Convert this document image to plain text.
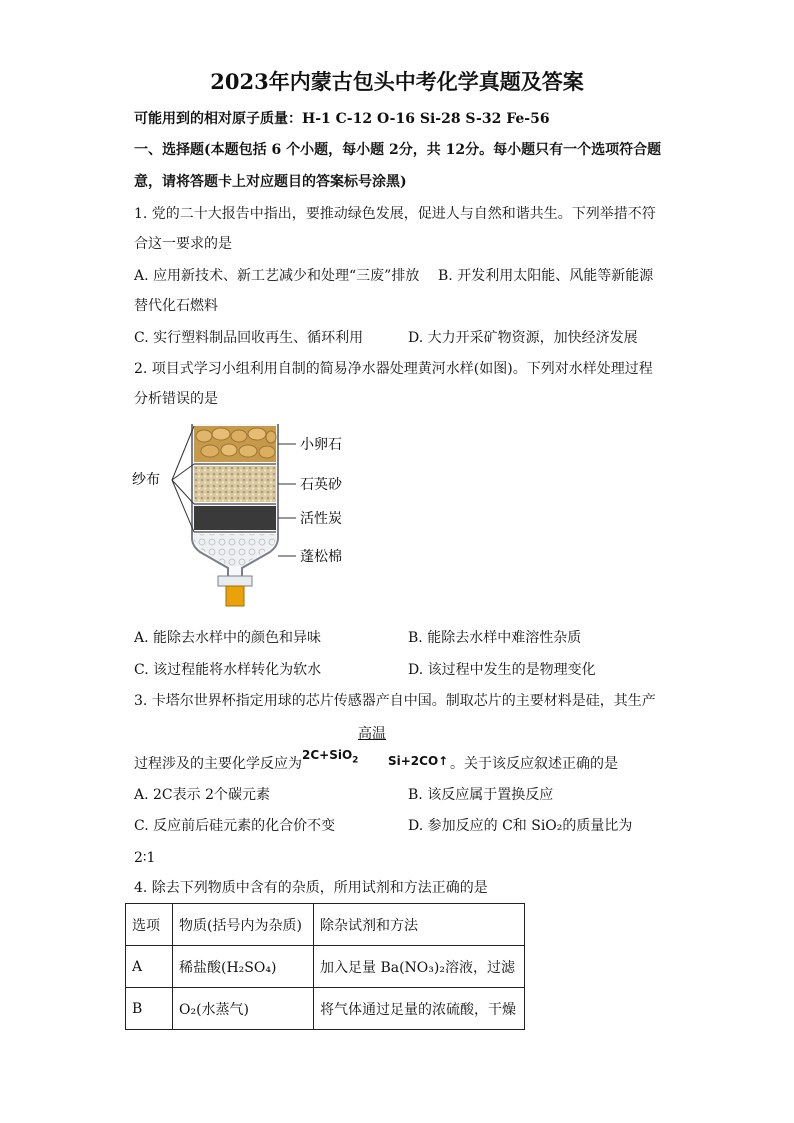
2023年内蒙古包头中考化学真题及答案
可能用到的相对原子质量：H-1 C-12 O-16 Si-28 S-32 Fe-56
一、选择题(本题包括 6 个小题，每小题 2分，共 12分。每小题只有一个选项符合题
意，请将答题卡上对应题目的答案标号涂黑)
1. 党的二十大报告中指出，要推动绿色发展，促进人与自然和谐共生。下列举措不符
合这一要求的是
A. 应用新技术、新工艺减少和处理“三废”排放 B. 开发利用太阳能、风能等新能源
替代化石燃料
C. 实行塑料制品回收再生、循环利用	D. 大力开采矿物资源，加快经济发展
2. 项目式学习小组利用自制的简易净水器处理黄河水样(如图)。下列对水样处理过程
分析错误的是
纱布
小卵石
石英砂
活性炭
蓬松棉
A. 能除去水样中的颜色和异味	B. 能除去水样中难溶性杂质
C. 该过程能将水样转化为软水	D. 该过程中发生的是物理变化
3. 卡塔尔世界杯指定用球的芯片传感器产自中国。制取芯片的主要材料是硅，其生产
高温
过程涉及的主要化学反应为
2C+SiO$_2$ Si+2CO↑ 。关于该反应叙述正确的是
A. 2C表示 2个碳元素	B. 该反应属于置换反应
C. 反应前后硅元素的化合价不变	D. 参加反应的 C和 SiO₂的质量比为
2∶1
4. 除去下列物质中含有的杂质，所用试剂和方法正确的是
选项	物质(括号内为杂质)	除杂试剂和方法
A	稀盐酸(H₂SO₄)	加入足量 Ba(NO₃)₂溶液，过滤
B	O₂(水蒸气)	将气体通过足量的浓硫酸，干燥
